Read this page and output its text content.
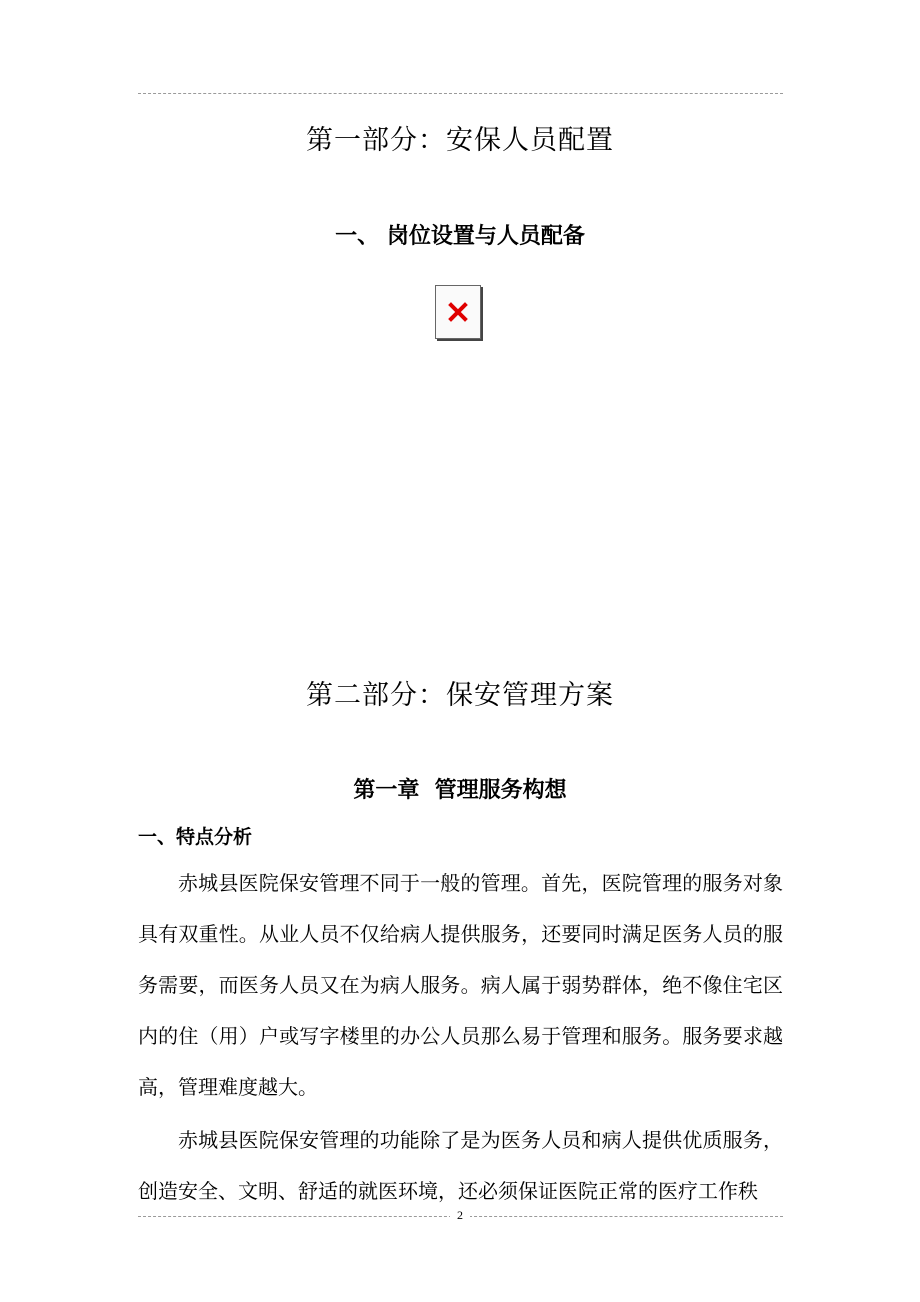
第一部分：安保人员配置
一、 岗位设置与人员配备
第二部分：保安管理方案
第一章  管理服务构想
一、特点分析

赤城县医院保安管理不同于一般的管理。首先，医院管理的服务对象具有双重性。从业人员不仅给病人提供服务，还要同时满足医务人员的服务需要，而医务人员又在为病人服务。病人属于弱势群体，绝不像住宅区内的住（用）户或写字楼里的办公人员那么易于管理和服务。服务要求越高，管理难度越大。

赤城县医院保安管理的功能除了是为医务人员和病人提供优质服务，创造安全、文明、舒适的就医环境，还必须保证医院正常的医疗工作秩

2
